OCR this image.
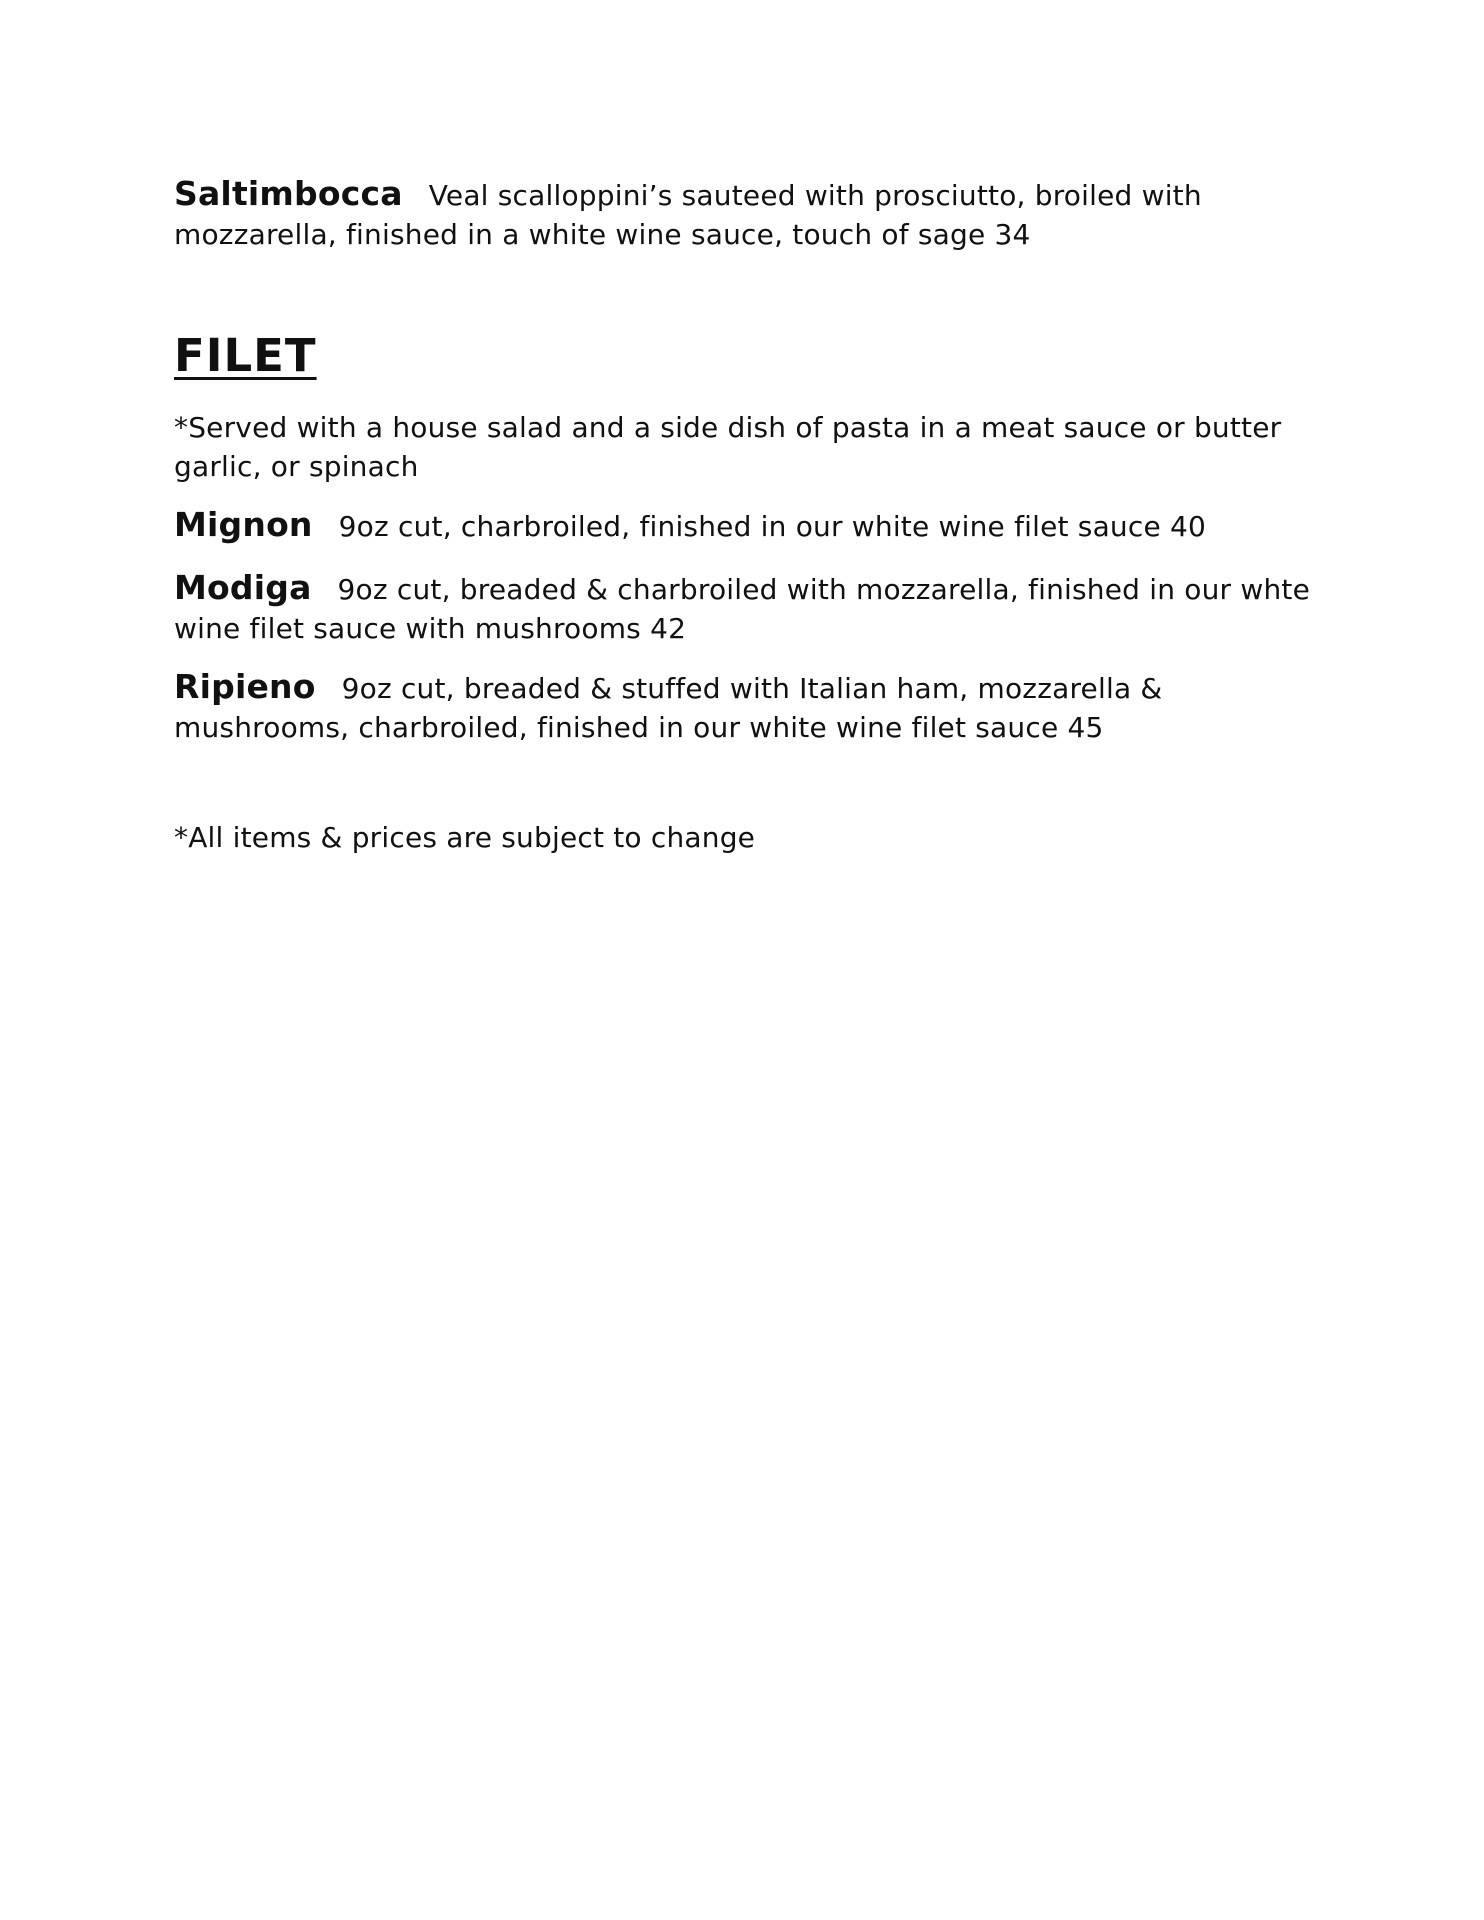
Saltimbocca Veal scalloppini’s sauteed with prosciutto, broiled with mozzarella, finished in a white wine sauce, touch of sage 34
FILET
*Served with a house salad and a side dish of pasta in a meat sauce or butter garlic, or spinach
Mignon 9oz cut, charbroiled, finished in our white wine filet sauce 40
Modiga 9oz cut, breaded & charbroiled with mozzarella, finished in our whte wine filet sauce with mushrooms 42
Ripieno 9oz cut, breaded & stuffed with Italian ham, mozzarella & mushrooms, charbroiled, finished in our white wine filet sauce 45
*All items & prices are subject to change
